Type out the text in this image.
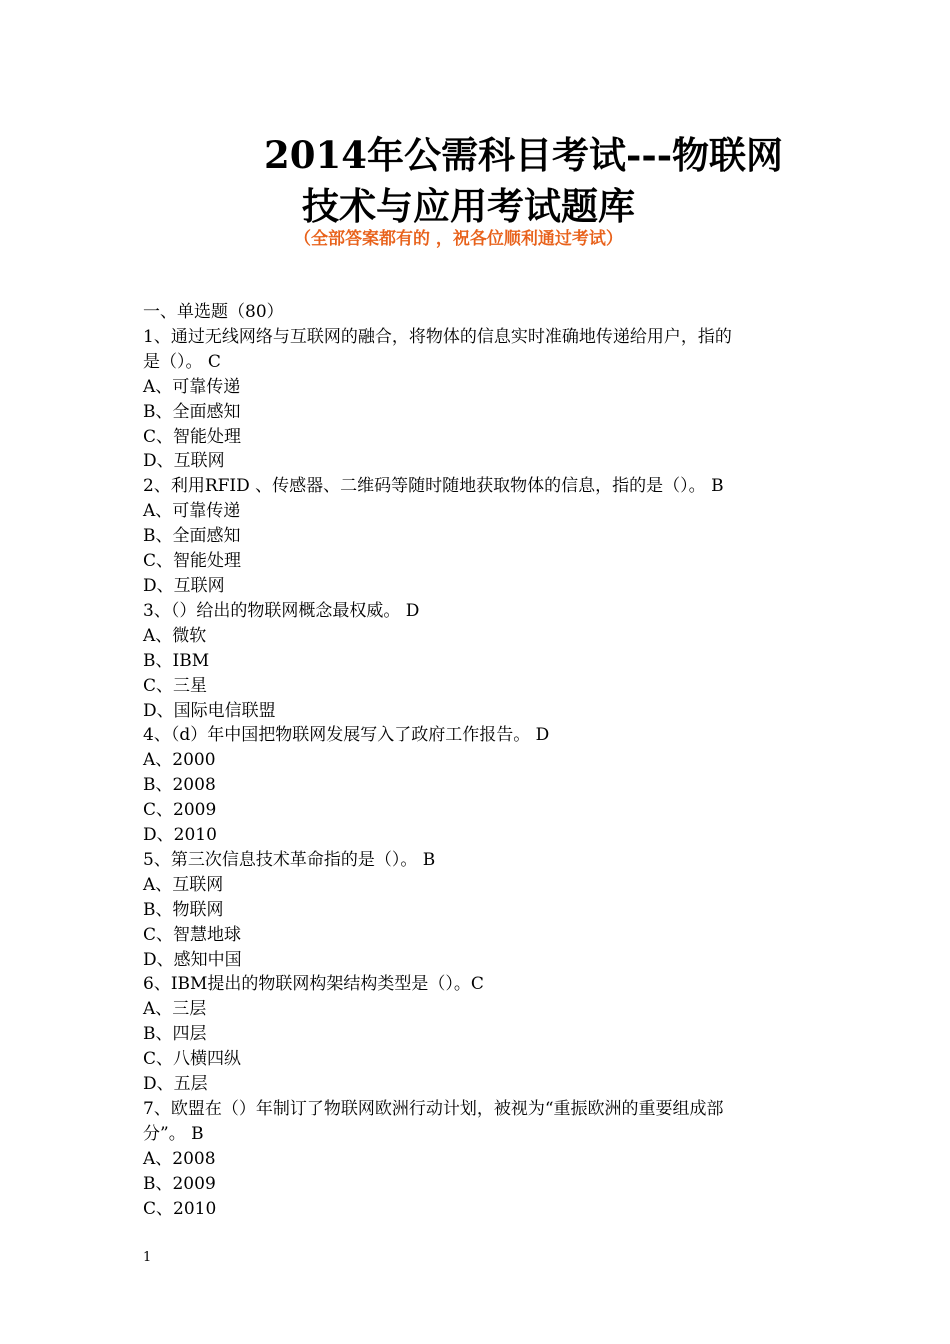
2014年公需科目考试---物联网
技术与应用考试题库
（全部答案都有的 ，祝各位顺利通过考试）

一、单选题（80）

1、通过无线网络与互联网的融合，将物体的信息实时准确地传递给用户，指的

是（）。 C

A、可靠传递

B、全面感知

C、智能处理

D、互联网

2、利用RFID 、传感器、二维码等随时随地获取物体的信息，指的是（）。 B

A、可靠传递

B、全面感知

C、智能处理

D、互联网

3、（）给出的物联网概念最权威。 D

A、微软

B、IBM

C、三星

D、国际电信联盟

4、（d）年中国把物联网发展写入了政府工作报告。 D

A、2000

B、2008

C、2009

D、2010

5、第三次信息技术革命指的是（）。 B

A、互联网

B、物联网

C、智慧地球

D、感知中国

6、IBM提出的物联网构架结构类型是（）。C

A、三层

B、四层

C、八横四纵

D、五层

7、欧盟在（）年制订了物联网欧洲行动计划，被视为“重振欧洲的重要组成部

分”。 B

A、2008

B、2009

C、2010

1
